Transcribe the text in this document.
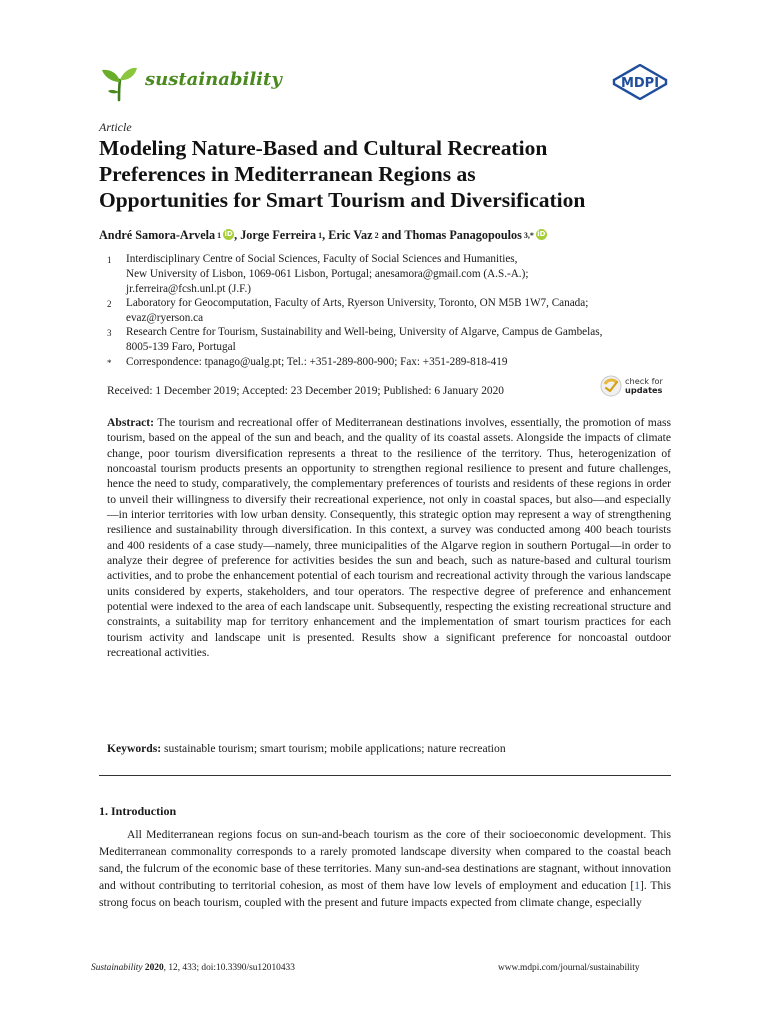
sustainability	MDPI
Article
Modeling Nature-Based and Cultural Recreation
Preferences in Mediterranean Regions as
Opportunities for Smart Tourism and Diversification
André Samora-Arvela 1 iD , Jorge Ferreira 1 , Eric Vaz 2 and Thomas Panagopoulos 3,* iD
1 Interdisciplinary Centre of Social Sciences, Faculty of Social Sciences and Humanities,
New University of Lisbon, 1069-061 Lisbon, Portugal; anesamora@gmail.com (A.S.-A.);
jr.ferreira@fcsh.unl.pt (J.F.)
2 Laboratory for Geocomputation, Faculty of Arts, Ryerson University, Toronto, ON M5B 1W7, Canada;
evaz@ryerson.ca
3 Research Centre for Tourism, Sustainability and Well-being, University of Algarve, Campus de Gambelas,
8005-139 Faro, Portugal
* Correspondence: tpanago@ualg.pt; Tel.: +351-289-800-900; Fax: +351-289-818-419
Received: 1 December 2019; Accepted: 23 December 2019; Published: 6 January 2020
check for
updates
Abstract: The tourism and recreational offer of Mediterranean destinations involves, essentially, the promotion of mass tourism, based on the appeal of the sun and beach, and the quality of its coastal assets. Alongside the impacts of climate change, poor tourism diversification represents a threat to the resilience of the territory. Thus, heterogenization of noncoastal tourism products presents an opportunity to strengthen regional resilience to present and future challenges, hence the need to study, comparatively, the complementary preferences of tourists and residents of these regions in order to unveil their willingness to diversify their recreational experience, not only in coastal spaces, but also—and especially—in interior territories with low urban density. Consequently, this strategic option may represent a way of strengthening resilience and sustainability through diversification. In this context, a survey was conducted among 400 beach tourists and 400 residents of a case study—namely, three municipalities of the Algarve region in southern Portugal—in order to analyze their degree of preference for activities besides the sun and beach, such as nature-based and cultural tourism activities, and to probe the enhancement potential of each tourism and recreational activity through the various landscape units considered by experts, stakeholders, and tour operators. The respective degree of preference and enhancement potential were indexed to the area of each landscape unit. Subsequently, respecting the existing recreational structure and constraints, a suitability map for territory enhancement and the implementation of smart tourism practices for each tourism activity and landscape unit is presented. Results show a significant preference for noncoastal outdoor recreational activities.
Keywords: sustainable tourism; smart tourism; mobile applications; nature recreation
1. Introduction
All Mediterranean regions focus on sun-and-beach tourism as the core of their socioeconomic development. This Mediterranean commonality corresponds to a rarely promoted landscape diversity when compared to the coastal beach sand, the fulcrum of the economic base of these territories. Many sun-and-sea destinations are stagnant, without innovation and without contributing to territorial cohesion, as most of them have low levels of employment and education [1]. This strong focus on beach tourism, coupled with the present and future impacts expected from climate change, especially
Sustainability 2020, 12, 433; doi:10.3390/su12010433	www.mdpi.com/journal/sustainability
